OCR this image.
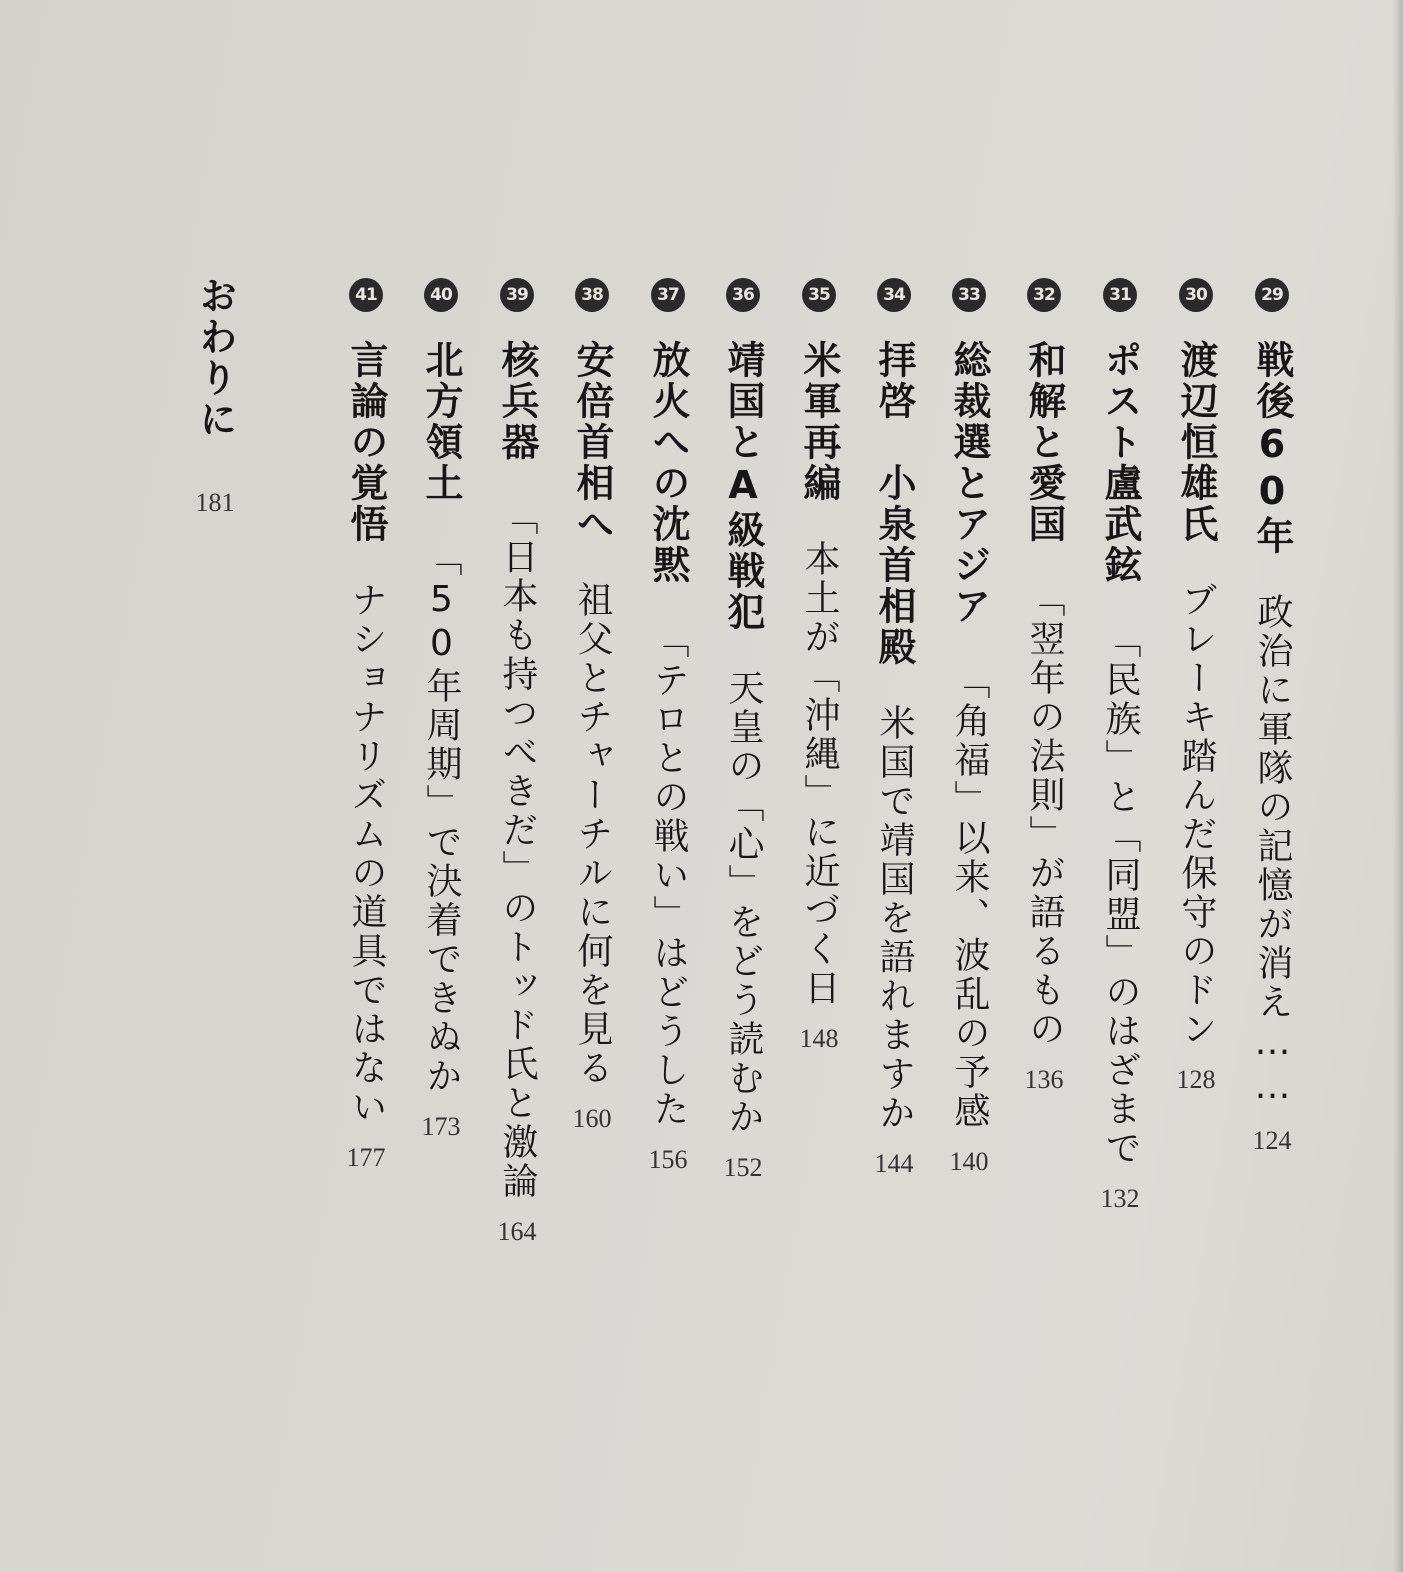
29
戦後60年
政治に軍隊の記憶が消え……
124
30
渡辺恒雄氏
ブレーキ踏んだ保守のドン
128
31
ポスト盧武鉉
「民族」と「同盟」のはざまで
132
32
和解と愛国
「翌年の法則」が語るもの
136
33
総裁選とアジア
「角福」以来、波乱の予感
140
34
拝啓　小泉首相殿
米国で靖国を語れますか
144
35
米軍再編
本土が「沖縄」に近づく日
148
36
靖国とA級戦犯
天皇の「心」をどう読むか
152
37
放火への沈黙
「テロとの戦い」はどうした
156
38
安倍首相へ
祖父とチャーチルに何を見る
160
39
核兵器
「日本も持つべきだ」のトッド氏と激論
164
40
北方領土
「50年周期」で決着できぬか
173
41
言論の覚悟
ナショナリズムの道具ではない
177
おわりに
181
